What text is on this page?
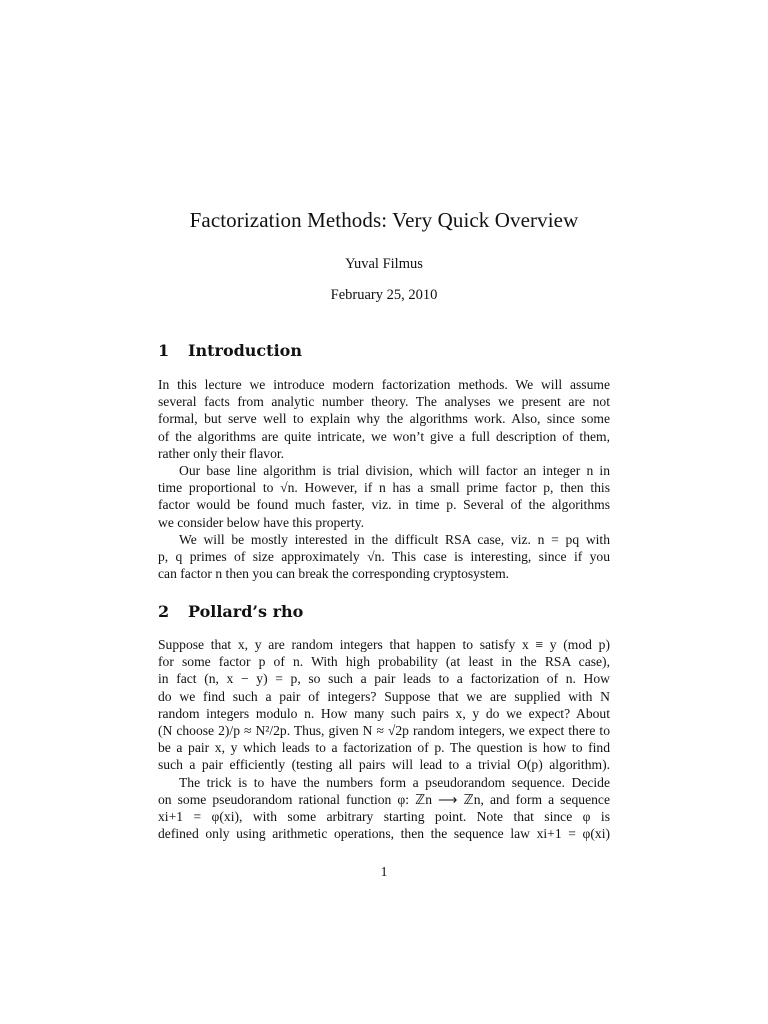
Factorization Methods: Very Quick Overview
Yuval Filmus
February 25, 2010
1 Introduction
In this lecture we introduce modern factorization methods. We will assume
several facts from analytic number theory. The analyses we present are not
formal, but serve well to explain why the algorithms work. Also, since some
of the algorithms are quite intricate, we won’t give a full description of them,
rather only their flavor.
Our base line algorithm is trial division, which will factor an integer n in
time proportional to √n. However, if n has a small prime factor p, then this
factor would be found much faster, viz. in time p. Several of the algorithms
we consider below have this property.
We will be mostly interested in the difficult RSA case, viz. n = pq with
p, q primes of size approximately √n. This case is interesting, since if you
can factor n then you can break the corresponding cryptosystem.
2 Pollard’s rho
Suppose that x, y are random integers that happen to satisfy x ≡ y (mod p)
for some factor p of n. With high probability (at least in the RSA case),
in fact (n, x − y) = p, so such a pair leads to a factorization of n. How
do we find such a pair of integers? Suppose that we are supplied with N
random integers modulo n. How many such pairs x, y do we expect? About
(N choose 2)/p ≈ N²/2p. Thus, given N ≈ √2p random integers, we expect there to
be a pair x, y which leads to a factorization of p. The question is how to find
such a pair efficiently (testing all pairs will lead to a trivial O(p) algorithm).
The trick is to have the numbers form a pseudorandom sequence. Decide
on some pseudorandom rational function φ: ℤn ⟶ ℤn, and form a sequence
xi+1 = φ(xi), with some arbitrary starting point. Note that since φ is
defined only using arithmetic operations, then the sequence law xi+1 = φ(xi)
1
